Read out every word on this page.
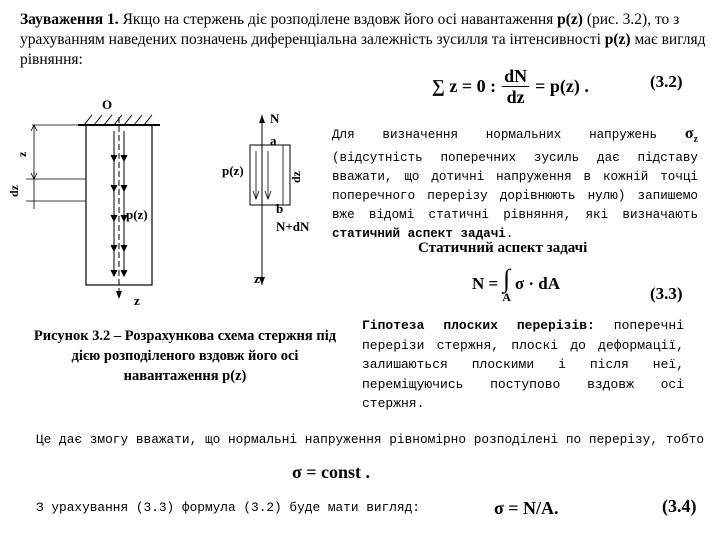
Зауваження 1. Якщо на стержень діє розподілене вздовж його осі навантаження p(z) (рис. 3.2), то з урахуванням наведених позначень диференціальна залежність зусилля та інтенсивності p(z) має вигляд рівняння:
∑ z = 0 : $\frac{dN}{dz} = p(z)$ .	(3.2)
z
dz
O
p(z)
z
N
a
p(z)	dz
b
N+dN
z
Для визначення нормальних напружень $\sigma_z$ (відсутність поперечних зусиль дає підставу вважати, що дотичні напруження в кожній точці поперечного перерізу дорівнюють нулю) запишемо вже відомі статичні рівняння, які визначають статичний аспект задачі.
Статичний аспект задачі
N = ∫
A
σ · dA
(3.3)
Рисунок 3.2 – Розрахункова схема стержня під дією розподіленого вздовж його осі навантаження p(z)
Гіпотеза плоских перерізів: поперечні перерізи стержня, плоскі до деформації, залишаються плоскими і після неї, переміщуючись поступово вздовж осі стержня.
Це дає змогу вважати, що нормальні напруження рівномірно розподілені по перерізу, тобто
σ = const .
З урахування (3.3) формула (3.2) буде мати вигляд:	σ = N/A.	(3.4)
